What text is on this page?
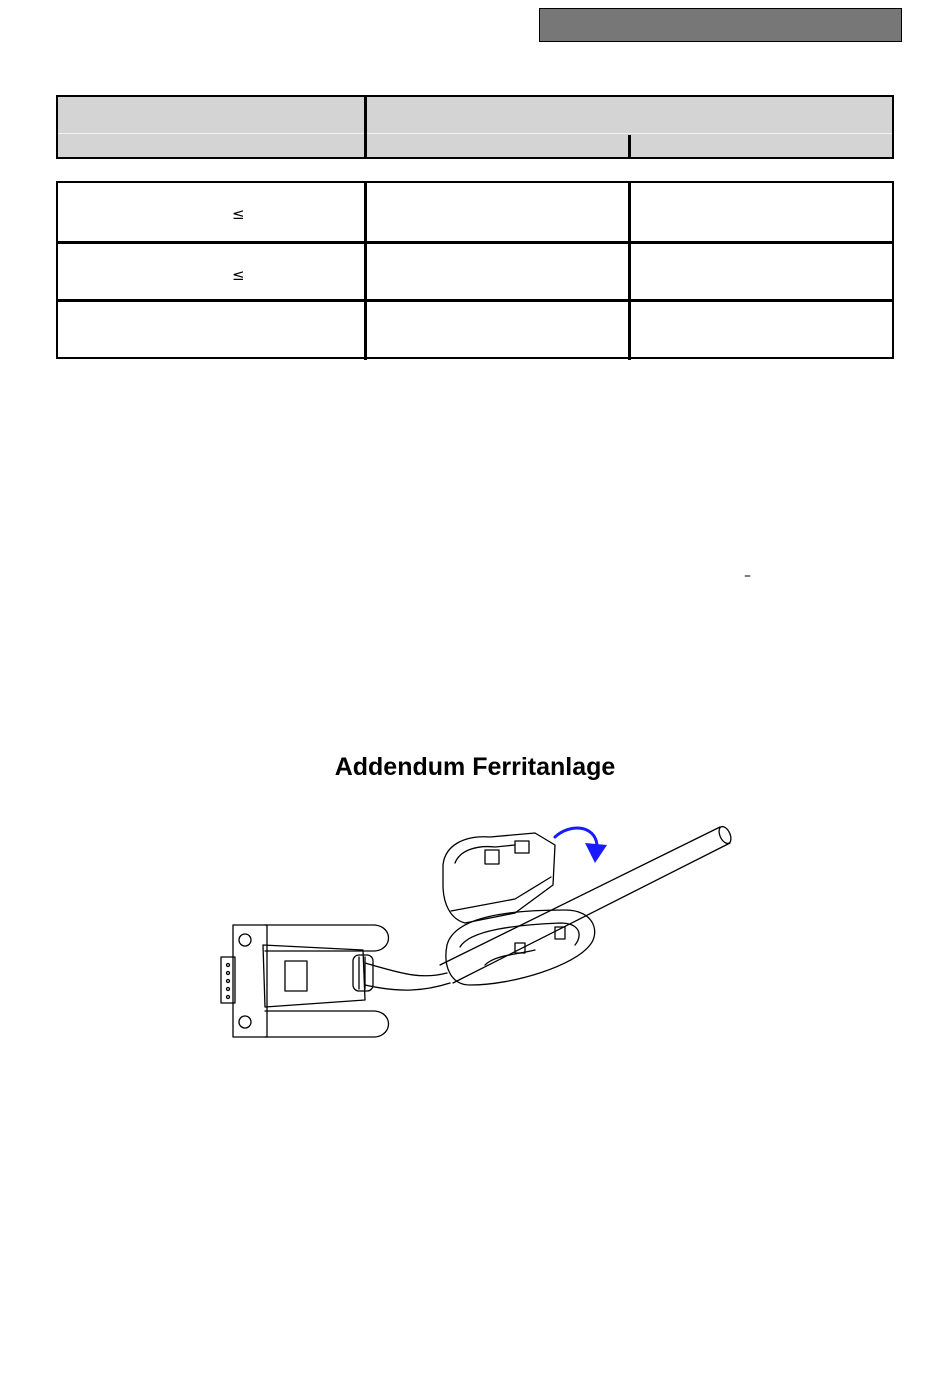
≤
≤
–
Addendum Ferritanlage
